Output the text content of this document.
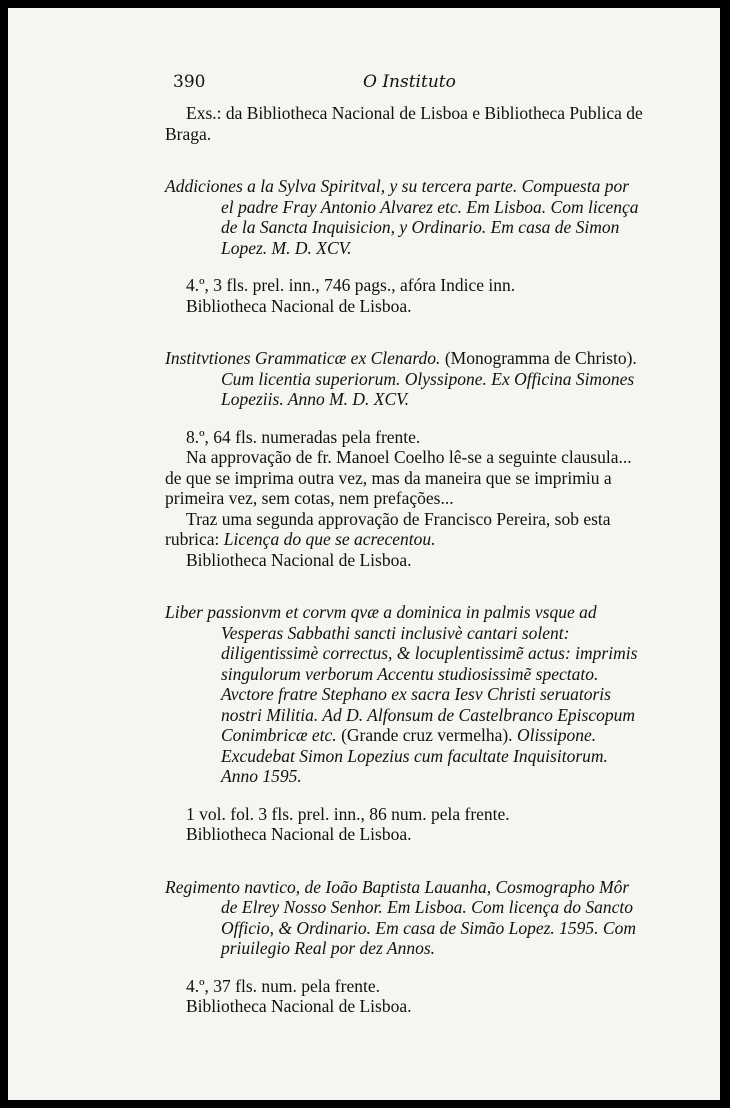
390	O Instituto

Exs.: da Bibliotheca Nacional de Lisboa e Bibliotheca Publica de Braga.

Addiciones a la Sylva Spiritval, y su tercera parte. Compuesta por el padre Fray Antonio Alvarez etc. Em Lisboa. Com licença de la Sancta Inquisicion, y Ordinario. Em casa de Simon Lopez. M. D. XCV.

4.º, 3 fls. prel. inn., 746 pags., afóra Indice inn.

Bibliotheca Nacional de Lisboa.

Institvtiones Grammaticæ ex Clenardo. (Monogramma de Christo). Cum licentia superiorum. Olyssipone. Ex Officina Simones Lopeziis. Anno M. D. XCV.

8.º, 64 fls. numeradas pela frente.

Na approvação de fr. Manoel Coelho lê-se a seguinte clausula... de que se imprima outra vez, mas da maneira que se imprimiu a primeira vez, sem cotas, nem prefações...

Traz uma segunda approvação de Francisco Pereira, sob esta rubrica: Licença do que se acrecentou.

Bibliotheca Nacional de Lisboa.

Liber passionvm et corvm qvæ a dominica in palmis vsque ad Vesperas Sabbathi sancti inclusivè cantari solent: diligentissimè correctus, & locuplentissimẽ actus: imprimis singulorum verborum Accentu studiosissimẽ spectato. Avctore fratre Stephano ex sacra Iesv Christi seruatoris nostri Militia. Ad D. Alfonsum de Castelbranco Episcopum Conimbricæ etc. (Grande cruz vermelha). Olissipone. Excudebat Simon Lopezius cum facultate Inquisitorum. Anno 1595.

1 vol. fol. 3 fls. prel. inn., 86 num. pela frente.

Bibliotheca Nacional de Lisboa.

Regimento navtico, de Ioão Baptista Lauanha, Cosmographo Môr de Elrey Nosso Senhor. Em Lisboa. Com licença do Sancto Officio, & Ordinario. Em casa de Simão Lopez. 1595. Com priuilegio Real por dez Annos.

4.º, 37 fls. num. pela frente.

Bibliotheca Nacional de Lisboa.
